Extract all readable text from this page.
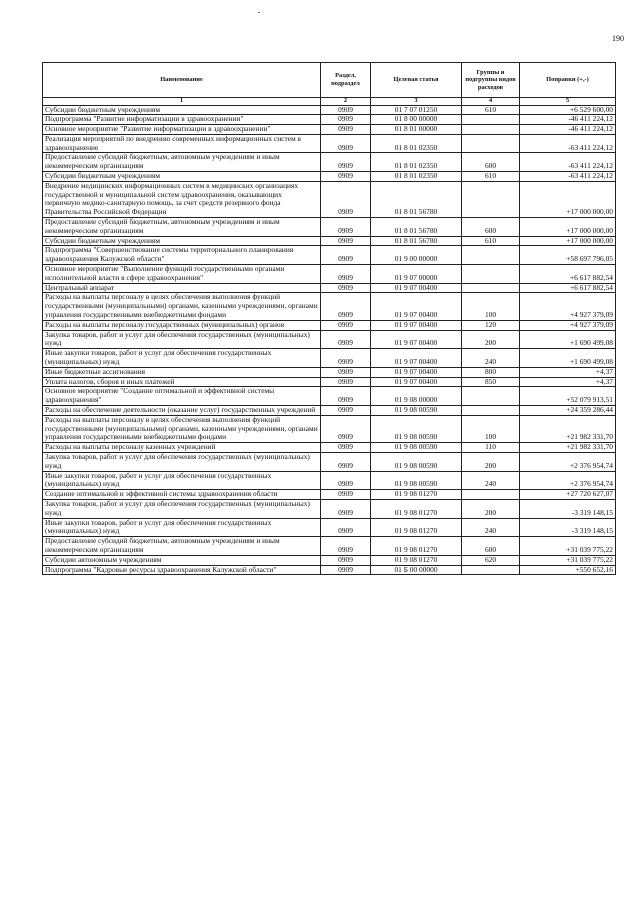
190
Наименование	Раздел, подраздел	Целевая статья	Группы и подгруппы видов расходов	Поправки (+,-)
1	2	3	4	5
Субсидии бюджетным учреждениям	0909	01 7 07 01250	610	+6 529 600,00
Подпрограмма "Развитие информатизации в здравоохранении"	0909	01 8 00 00000		-46 411 224,12
Основное мероприятие "Развитие информатизации в здравоохранении"	0909	01 8 01 00000		-46 411 224,12
Реализация мероприятий по внедрению современных информационных систем в здравоохранение	0909	01 8 01 02350		-63 411 224,12
Предоставление субсидий бюджетным, автономным учреждениям и иным некоммерческим организациям	0909	01 8 01 02350	600	-63 411 224,12
Субсидии бюджетным учреждениям	0909	01 8 01 02350	610	-63 411 224,12
Внедрение медицинских информационных систем в медицинских организациях государственной и муниципальной систем здравоохранения, оказывающих первичную медико-санитарную помощь, за счет средств резервного фонда Правительства Российской Федерации	0909	01 8 01 56780		+17 000 000,00
Предоставление субсидий бюджетным, автономным учреждениям и иным некоммерческим организациям	0909	01 8 01 56780	600	+17 000 000,00
Субсидии бюджетным учреждениям	0909	01 8 01 56780	610	+17 000 000,00
Подпрограмма "Совершенствование системы территориального планирования здравоохранения Калужской области"	0909	01 9 00 00000		+58 697 796,05
Основное мероприятие "Выполнение функций государственными органами исполнительной власти в сфере здравоохранения"	0909	01 9 07 00000		+6 617 882,54
Центральный аппарат	0909	01 9 07 00400		+6 617 882,54
Расходы на выплаты персоналу в целях обеспечения выполнения функций государственными (муниципальными) органами, казенными учреждениями, органами управления государственными внебюджетными фондами	0909	01 9 07 00400	100	+4 927 379,09
Расходы на выплаты персоналу государственных (муниципальных) органов	0909	01 9 07 00400	120	+4 927 379,09
Закупка товаров, работ и услуг для обеспечения государственных (муниципальных) нужд	0909	01 9 07 00400	200	+1 690 499,08
Иные закупки товаров, работ и услуг для обеспечения государственных (муниципальных) нужд	0909	01 9 07 00400	240	+1 690 499,08
Иные бюджетные ассигнования	0909	01 9 07 00400	800	+4,37
Уплата налогов, сборов и иных платежей	0909	01 9 07 00400	850	+4,37
Основное мероприятие "Создание оптимальной и эффективной системы здравоохранения"	0909	01 9 08 00000		+52 079 913,51
Расходы на обеспечение деятельности (оказание услуг) государственных учреждений	0909	01 9 08 00590		+24 359 286,44
Расходы на выплаты персоналу в целях обеспечения выполнения функций государственными (муниципальными) органами, казенными учреждениями, органами управления государственными внебюджетными фондами	0909	01 9 08 00590	100	+21 982 331,70
Расходы на выплаты персоналу казенных учреждений	0909	01 9 08 00590	110	+21 982 331,70
Закупка товаров, работ и услуг для обеспечения государственных (муниципальных) нужд	0909	01 9 08 00590	200	+2 376 954,74
Иные закупки товаров, работ и услуг для обеспечения государственных (муниципальных) нужд	0909	01 9 08 00590	240	+2 376 954,74
Создание оптимальной и эффективной системы здравоохранения области	0909	01 9 08 01270		+27 720 627,07
Закупка товаров, работ и услуг для обеспечения государственных (муниципальных) нужд	0909	01 9 08 01270	200	-3 319 148,15
Иные закупки товаров, работ и услуг для обеспечения государственных (муниципальных) нужд	0909	01 9 08 01270	240	-3 319 148,15
Предоставление субсидий бюджетным, автономным учреждениям и иным некоммерческим организациям	0909	01 9 08 01270	600	+31 039 775,22
Субсидии автономным учреждениям	0909	01 9 08 01270	620	+31 039 775,22
Подпрограмма "Кадровые ресурсы здравоохранения Калужской области"	0909	01 Б 00 00000		+550 652,16
